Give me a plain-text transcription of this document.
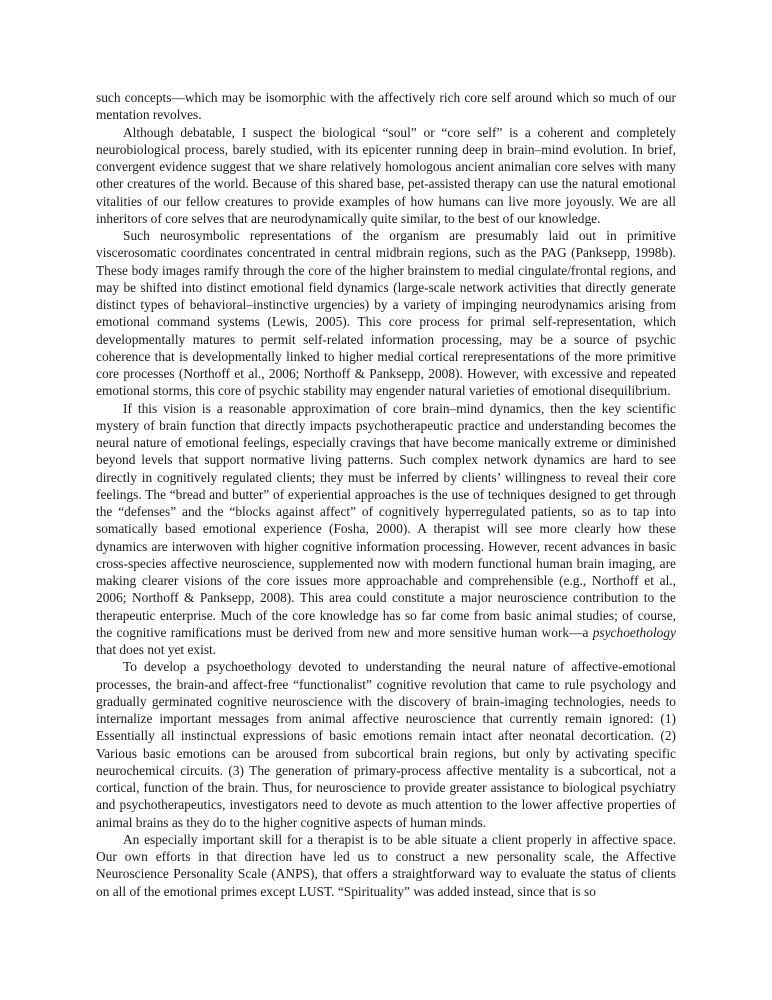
such concepts—which may be isomorphic with the affectively rich core self around which so much of our mentation revolves.

Although debatable, I suspect the biological “soul” or “core self” is a coherent and completely neurobiological process, barely studied, with its epicenter running deep in brain–mind evolution. In brief, convergent evidence suggest that we share relatively homologous ancient animalian core selves with many other creatures of the world. Because of this shared base, pet-assisted therapy can use the natural emotional vitalities of our fellow creatures to provide examples of how humans can live more joyously. We are all inheritors of core selves that are neurodynamically quite similar, to the best of our knowledge.

Such neurosymbolic representations of the organism are presumably laid out in primitive viscerosomatic coordinates concentrated in central midbrain regions, such as the PAG (Panksepp, 1998b). These body images ramify through the core of the higher brainstem to medial cingulate/frontal regions, and may be shifted into distinct emotional field dynamics (large-scale network activities that directly generate distinct types of behavioral–instinctive urgencies) by a variety of impinging neurodynamics arising from emotional command systems (Lewis, 2005). This core process for primal self-representation, which developmentally matures to permit self-related information processing, may be a source of psychic coherence that is developmentally linked to higher medial cortical rerepresentations of the more primitive core processes (Northoff et al., 2006; Northoff & Panksepp, 2008). However, with excessive and repeated emotional storms, this core of psychic stability may engender natural varieties of emotional disequilibrium.

If this vision is a reasonable approximation of core brain–mind dynamics, then the key scientific mystery of brain function that directly impacts psychotherapeutic practice and understanding becomes the neural nature of emotional feelings, especially cravings that have become manically extreme or diminished beyond levels that support normative living patterns. Such complex network dynamics are hard to see directly in cognitively regulated clients; they must be inferred by clients’ willingness to reveal their core feelings. The “bread and butter” of experiential approaches is the use of techniques designed to get through the “defenses” and the “blocks against affect” of cognitively hyperregulated patients, so as to tap into somatically based emotional experience (Fosha, 2000). A therapist will see more clearly how these dynamics are interwoven with higher cognitive information processing. However, recent advances in basic cross-species affective neuroscience, supplemented now with modern functional human brain imaging, are making clearer visions of the core issues more approachable and comprehensible (e.g., Northoff et al., 2006; Northoff & Panksepp, 2008). This area could constitute a major neuroscience contribution to the therapeutic enterprise. Much of the core knowledge has so far come from basic animal studies; of course, the cognitive ramifications must be derived from new and more sensitive human work—a psychoethology that does not yet exist.

To develop a psychoethology devoted to understanding the neural nature of affective-emotional processes, the brain-and affect-free “functionalist” cognitive revolution that came to rule psychology and gradually germinated cognitive neuroscience with the discovery of brain-imaging technologies, needs to internalize important messages from animal affective neuroscience that currently remain ignored: (1) Essentially all instinctual expressions of basic emotions remain intact after neonatal decortication. (2) Various basic emotions can be aroused from subcortical brain regions, but only by activating specific neurochemical circuits. (3) The generation of primary-process affective mentality is a subcortical, not a cortical, function of the brain. Thus, for neuroscience to provide greater assistance to biological psychiatry and psychotherapeutics, investigators need to devote as much attention to the lower affective properties of animal brains as they do to the higher cognitive aspects of human minds.

An especially important skill for a therapist is to be able situate a client properly in affective space. Our own efforts in that direction have led us to construct a new personality scale, the Affective Neuroscience Personality Scale (ANPS), that offers a straightforward way to evaluate the status of clients on all of the emotional primes except LUST. “Spirituality” was added instead, since that is so
